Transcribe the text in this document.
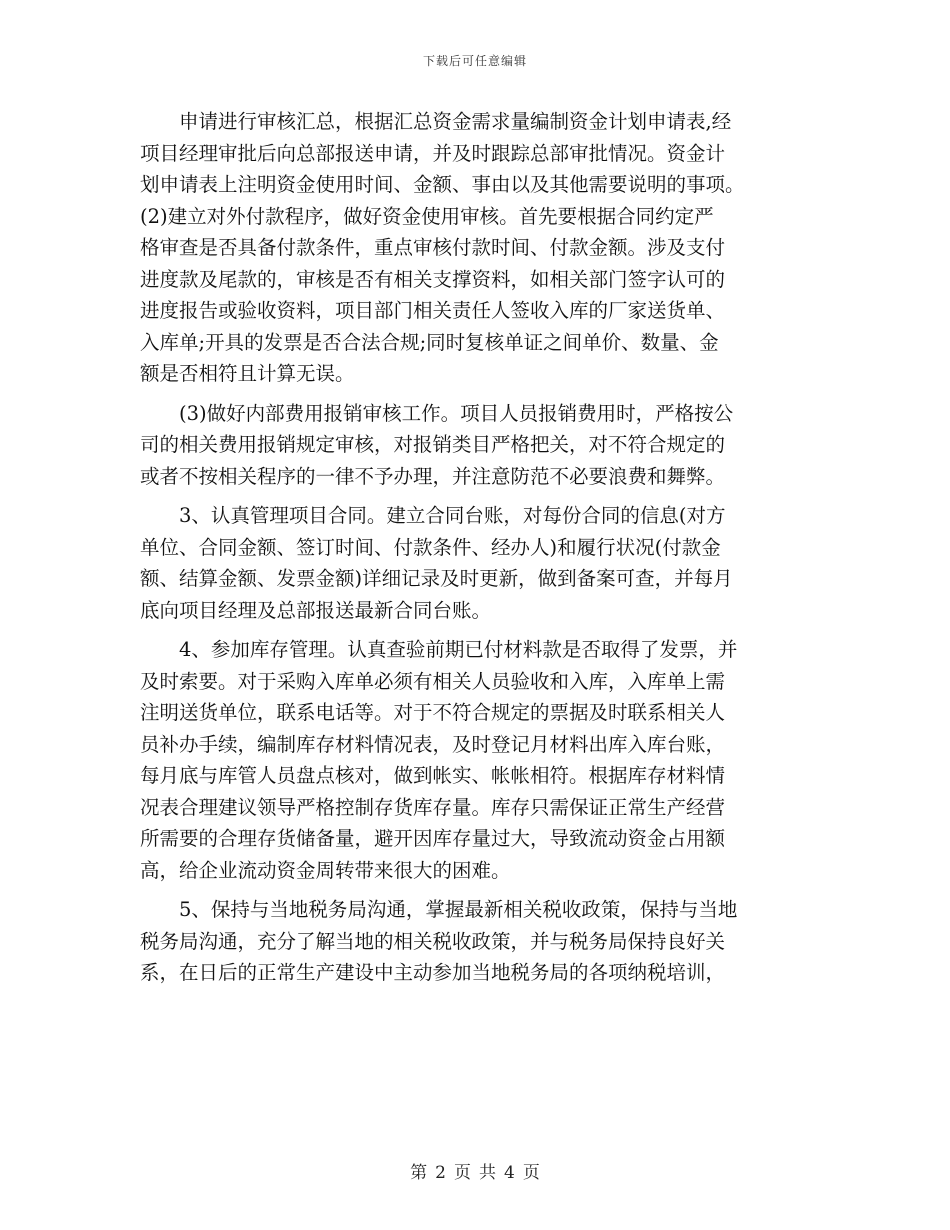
下载后可任意编辑
　　申请进行审核汇总，根据汇总资金需求量编制资金计划申请表,经
项目经理审批后向总部报送申请，并及时跟踪总部审批情况。资金计
划申请表上注明资金使用时间、金额、事由以及其他需要说明的事项。
(2)建立对外付款程序，做好资金使用审核。首先要根据合同约定严
格审查是否具备付款条件，重点审核付款时间、付款金额。涉及支付
进度款及尾款的，审核是否有相关支撑资料，如相关部门签字认可的
进度报告或验收资料，项目部门相关责任人签收入库的厂家送货单、
入库单;开具的发票是否合法合规;同时复核单证之间单价、数量、金
额是否相符且计算无误。
　　(3)做好内部费用报销审核工作。项目人员报销费用时，严格按公
司的相关费用报销规定审核，对报销类目严格把关，对不符合规定的
或者不按相关程序的一律不予办理，并注意防范不必要浪费和舞弊。
　　3、认真管理项目合同。建立合同台账，对每份合同的信息(对方
单位、合同金额、签订时间、付款条件、经办人)和履行状况(付款金
额、结算金额、发票金额)详细记录及时更新，做到备案可查，并每月
底向项目经理及总部报送最新合同台账。
　　4、参加库存管理。认真查验前期已付材料款是否取得了发票，并
及时索要。对于采购入库单必须有相关人员验收和入库，入库单上需
注明送货单位，联系电话等。对于不符合规定的票据及时联系相关人
员补办手续，编制库存材料情况表，及时登记月材料出库入库台账，
每月底与库管人员盘点核对，做到帐实、帐帐相符。根据库存材料情
况表合理建议领导严格控制存货库存量。库存只需保证正常生产经营
所需要的合理存货储备量，避开因库存量过大，导致流动资金占用额
高，给企业流动资金周转带来很大的困难。
　　5、保持与当地税务局沟通，掌握最新相关税收政策，保持与当地
税务局沟通，充分了解当地的相关税收政策，并与税务局保持良好关
系，在日后的正常生产建设中主动参加当地税务局的各项纳税培训，
第 2 页 共 4 页
